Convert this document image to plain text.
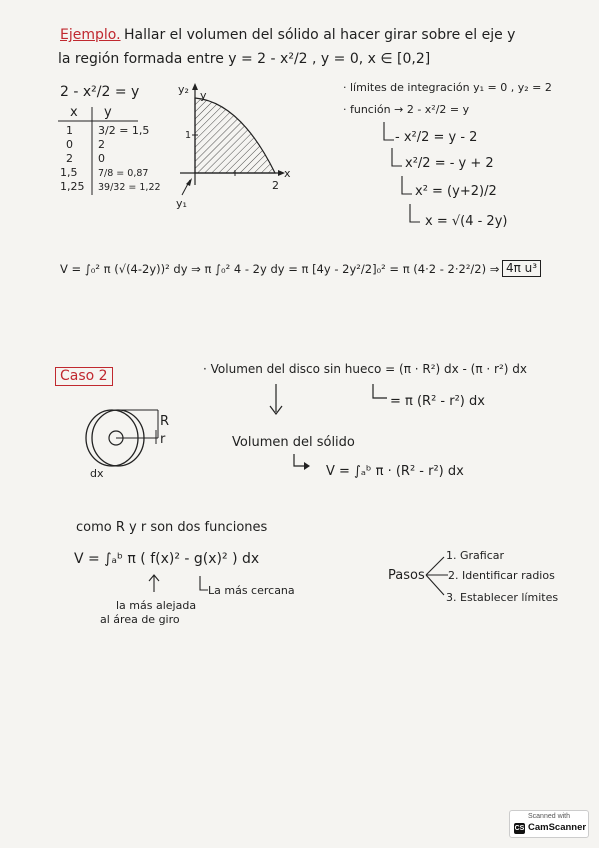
Ejemplo. Hallar el volumen del sólido al hacer girar sobre el eje y
la región formada entre y = 2 - x²/2 , y = 0, x ∈ [0,2]
2 - x²/2 = y
x y
1 3/2 = 1,5
0 2
2 0
1,5 7/8 = 0,87
1,25 39/32 = 1,22
y₂ y
x
2
1
y₁
· límites de integración y₁ = 0 , y₂ = 2
· función → 2 - x²/2 = y
- x²/2 = y - 2
x²/2 = - y + 2
x² = (y+2)/2
x = √(4 - 2y)
V = ∫₀² π (√(4-2y))² dy ⇒ π ∫₀² 4 - 2y dy = π [4y - 2y²/2]₀² = π (4·2 - 2·2²/2) ⇒ 4π u³
Caso 2	· Volumen del disco sin hueco = (π · R²) dx - (π · r²) dx
= π (R² - r²) dx
R
r
dx
Volumen del sólido
V = ∫ₐᵇ π · (R² - r²) dx
como R y r son dos funciones
V = ∫ₐᵇ π ( f(x)² - g(x)² ) dx
la más alejada
al área de giro
La más cercana
Pasos
1. Graficar
2. Identificar radios
3. Establecer límites
Scanned with
CS CamScanner
